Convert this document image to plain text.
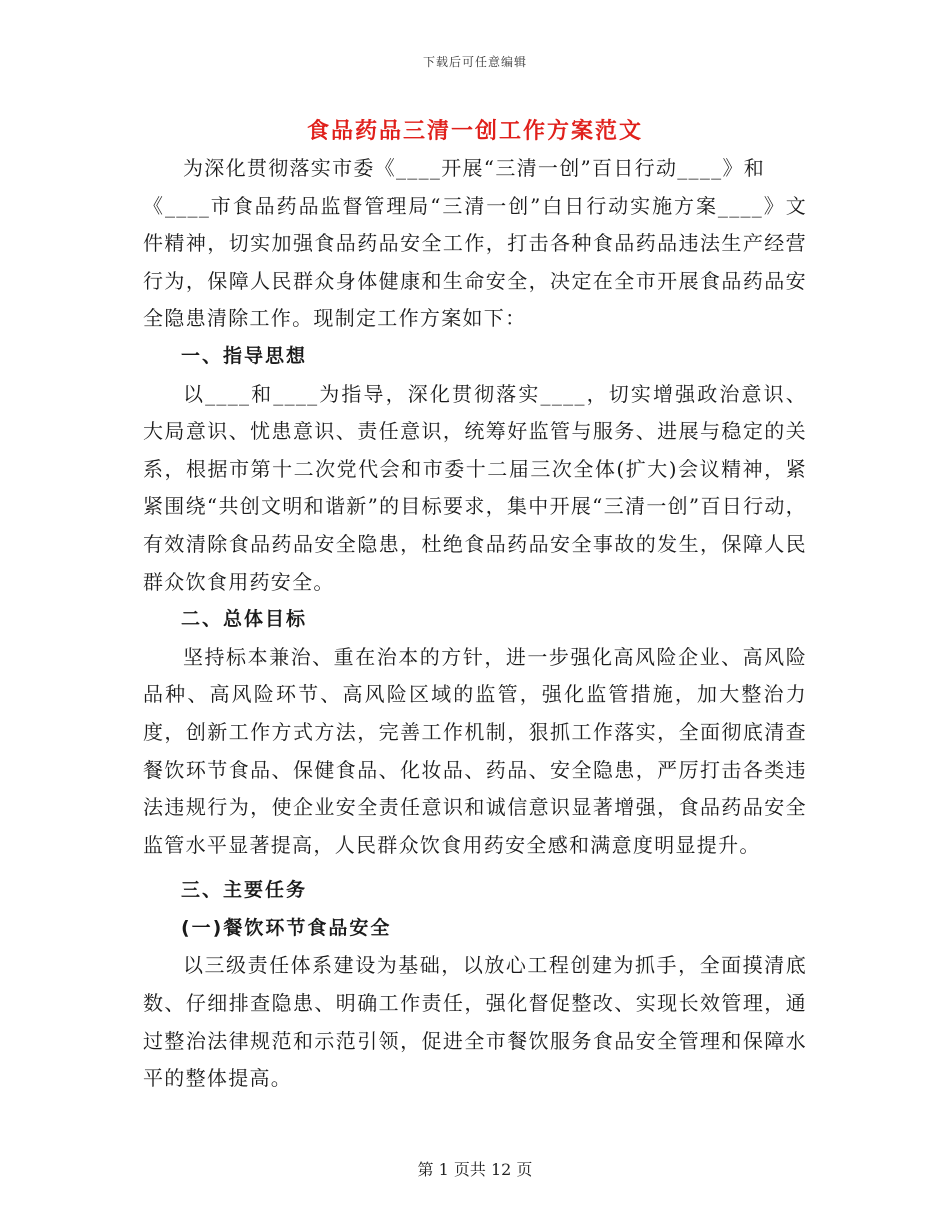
下载后可任意编辑
食品药品三清一创工作方案范文

为深化贯彻落实市委《____开展“三清一创”百日行动____》和

《____市食品药品监督管理局“三清一创”白日行动实施方案____》文件精神，切实加强食品药品安全工作，打击各种食品药品违法生产经营行为，保障人民群众身体健康和生命安全，决定在全市开展食品药品安全隐患清除工作。现制定工作方案如下：

一、指导思想

以____和____为指导，深化贯彻落实____，切实增强政治意识、大局意识、忧患意识、责任意识，统筹好监管与服务、进展与稳定的关系，根据市第十二次党代会和市委十二届三次全体(扩大)会议精神，紧紧围绕“共创文明和谐新”的目标要求，集中开展“三清一创”百日行动，有效清除食品药品安全隐患，杜绝食品药品安全事故的发生，保障人民群众饮食用药安全。

二、总体目标

坚持标本兼治、重在治本的方针，进一步强化高风险企业、高风险品种、高风险环节、高风险区域的监管，强化监管措施，加大整治力度，创新工作方式方法，完善工作机制，狠抓工作落实，全面彻底清查餐饮环节食品、保健食品、化妆品、药品、安全隐患，严厉打击各类违法违规行为，使企业安全责任意识和诚信意识显著增强，食品药品安全监管水平显著提高，人民群众饮食用药安全感和满意度明显提升。

三、主要任务

(一)餐饮环节食品安全

以三级责任体系建设为基础，以放心工程创建为抓手，全面摸清底数、仔细排查隐患、明确工作责任，强化督促整改、实现长效管理，通过整治法律规范和示范引领，促进全市餐饮服务食品安全管理和保障水平的整体提高。

第 1 页共 12 页
